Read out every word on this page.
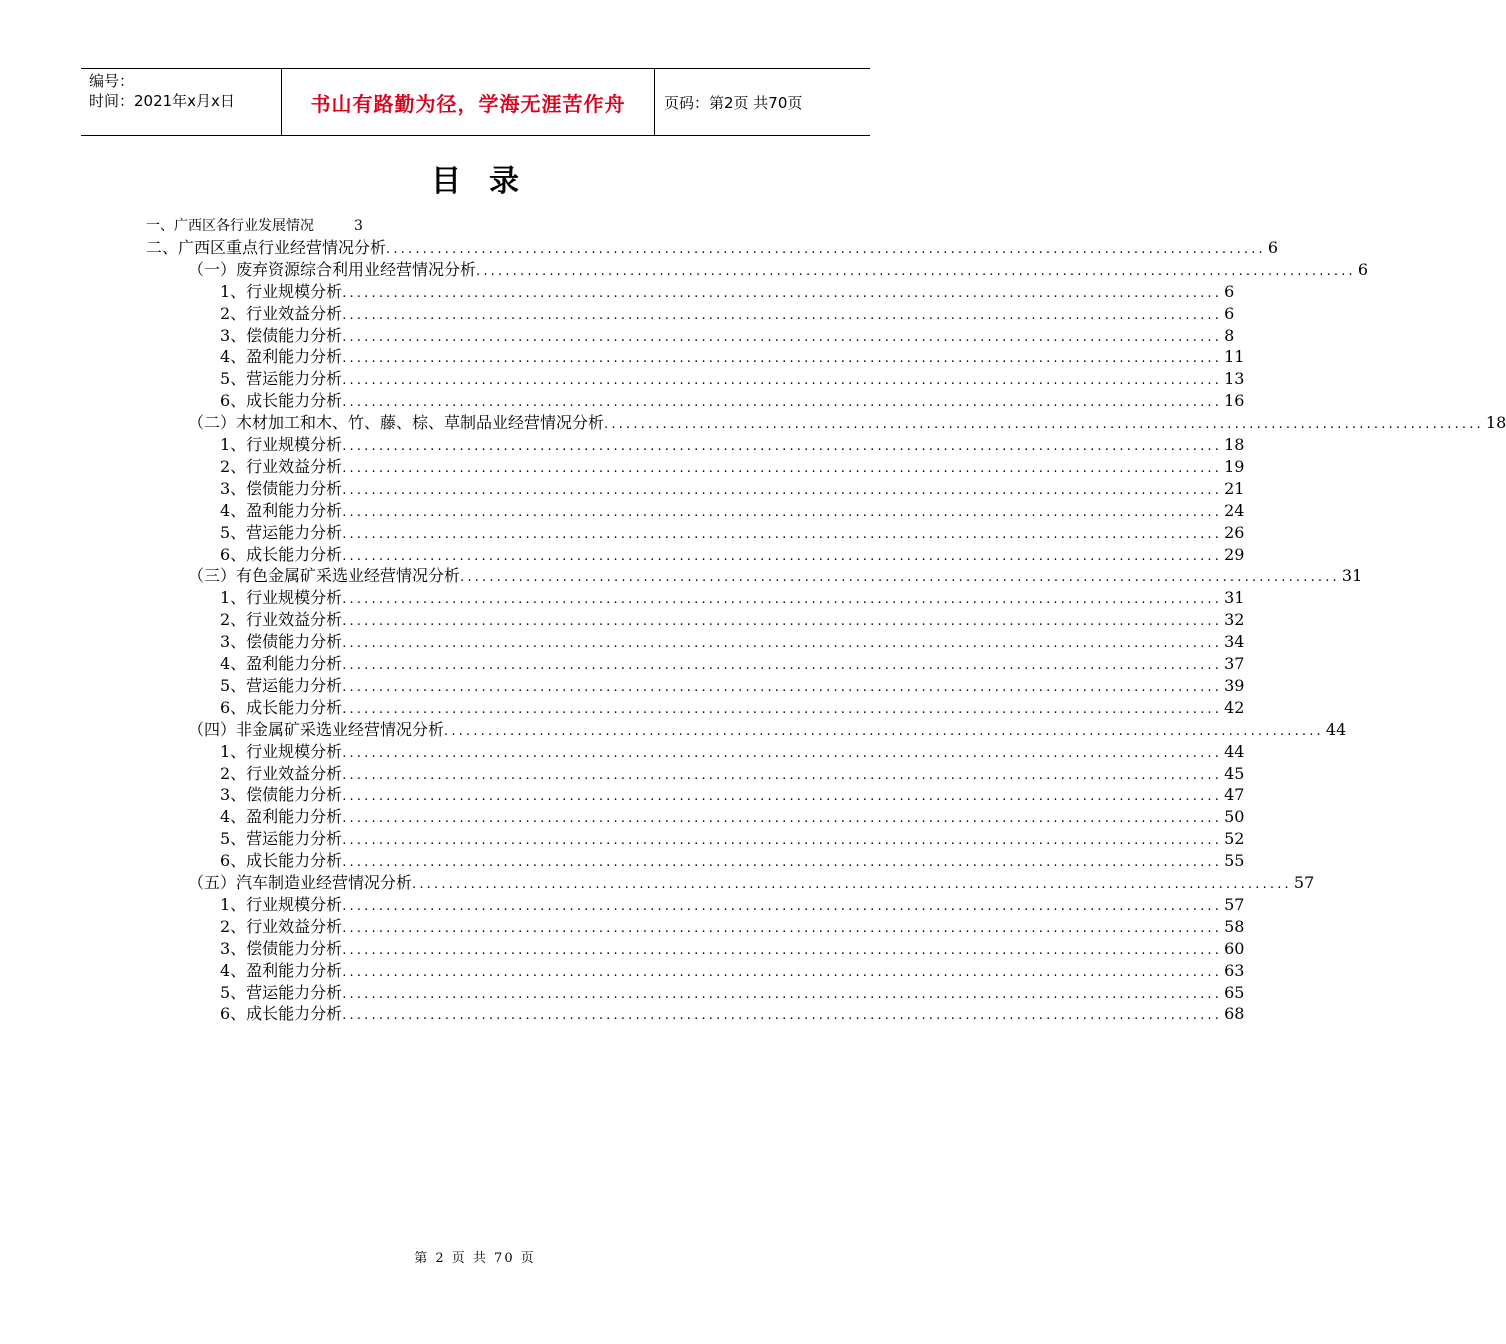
编号：
时间：2021年x月x日	书山有路勤为径，学海无涯苦作舟	页码：第2页 共70页
目录
一、广西区各行业发展情况	3
二、广西区重点行业经营情况分析 ........................................................................................................................ 6
（一）废弃资源综合利用业经营情况分析 ........................................................................................................................ 6
1、行业规模分析 ........................................................................................................................ 6
2、行业效益分析 ........................................................................................................................ 6
3、偿债能力分析 ........................................................................................................................ 8
4、盈利能力分析 ........................................................................................................................ 11
5、营运能力分析 ........................................................................................................................ 13
6、成长能力分析 ........................................................................................................................ 16
（二）木材加工和木、竹、藤、棕、草制品业经营情况分析 ........................................................................................................................ 18
1、行业规模分析 ........................................................................................................................ 18
2、行业效益分析 ........................................................................................................................ 19
3、偿债能力分析 ........................................................................................................................ 21
4、盈利能力分析 ........................................................................................................................ 24
5、营运能力分析 ........................................................................................................................ 26
6、成长能力分析 ........................................................................................................................ 29
（三）有色金属矿采选业经营情况分析 ........................................................................................................................ 31
1、行业规模分析 ........................................................................................................................ 31
2、行业效益分析 ........................................................................................................................ 32
3、偿债能力分析 ........................................................................................................................ 34
4、盈利能力分析 ........................................................................................................................ 37
5、营运能力分析 ........................................................................................................................ 39
6、成长能力分析 ........................................................................................................................ 42
（四）非金属矿采选业经营情况分析 ........................................................................................................................ 44
1、行业规模分析 ........................................................................................................................ 44
2、行业效益分析 ........................................................................................................................ 45
3、偿债能力分析 ........................................................................................................................ 47
4、盈利能力分析 ........................................................................................................................ 50
5、营运能力分析 ........................................................................................................................ 52
6、成长能力分析 ........................................................................................................................ 55
（五）汽车制造业经营情况分析 ........................................................................................................................ 57
1、行业规模分析 ........................................................................................................................ 57
2、行业效益分析 ........................................................................................................................ 58
3、偿债能力分析 ........................................................................................................................ 60
4、盈利能力分析 ........................................................................................................................ 63
5、营运能力分析 ........................................................................................................................ 65
6、成长能力分析 ........................................................................................................................ 68
第 2 页 共 70 页
